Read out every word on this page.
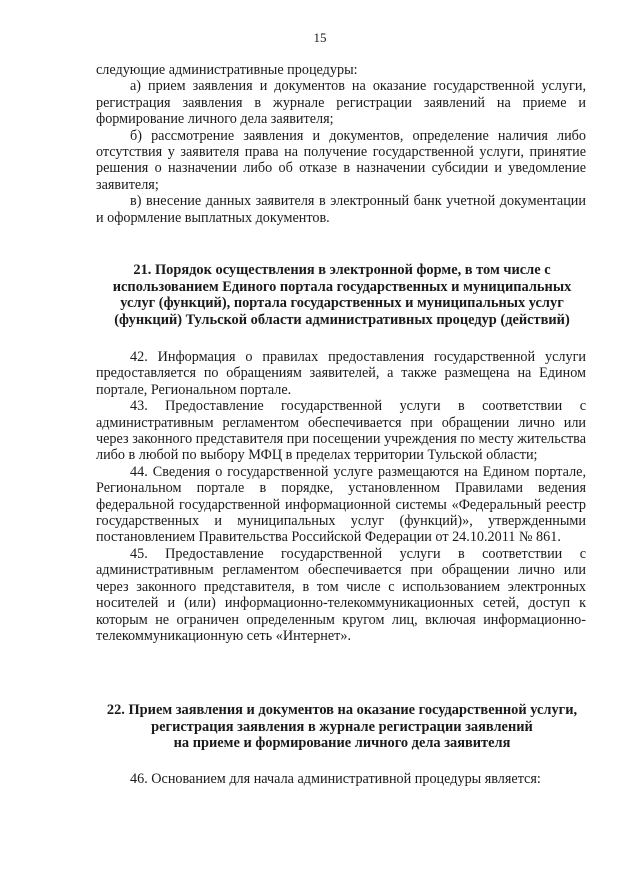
15

следующие административные процедуры:

а) прием заявления и документов на оказание государственной услуги, регистрация заявления в журнале регистрации заявлений на приеме и формирование личного дела заявителя;

б) рассмотрение заявления и документов, определение наличия либо отсутствия у заявителя права на получение государственной услуги, принятие решения о назначении либо об отказе в назначении субсидии и уведомление заявителя;

в) внесение данных заявителя в электронный банк учетной документации и оформление выплатных документов.

21. Порядок осуществления в электронной форме, в том числе с использованием Единого портала государственных и муниципальных услуг (функций), портала государственных и муниципальных услуг (функций) Тульской области административных процедур (действий)

42. Информация о правилах предоставления государственной услуги предоставляется по обращениям заявителей, а также размещена на Едином портале, Региональном портале.

43. Предоставление государственной услуги в соответствии с административным регламентом обеспечивается при обращении лично или через законного представителя при посещении учреждения по месту жительства либо в любой по выбору МФЦ в пределах территории Тульской области;

44. Сведения о государственной услуге размещаются на Едином портале, Региональном портале в порядке, установленном Правилами ведения федеральной государственной информационной системы «Федеральный реестр государственных и муниципальных услуг (функций)», утвержденными постановлением Правительства Российской Федерации от 24.10.2011 № 861.

45. Предоставление государственной услуги в соответствии с административным регламентом обеспечивается при обращении лично или через законного представителя, в том числе с использованием электронных носителей и (или) информационно-телекоммуникационных сетей, доступ к которым не ограничен определенным кругом лиц, включая информационно-телекоммуникационную сеть «Интернет».

22. Прием заявления и документов на оказание государственной услуги,
регистрация заявления в журнале регистрации заявлений
на приеме и формирование личного дела заявителя

46. Основанием для начала административной процедуры является:
